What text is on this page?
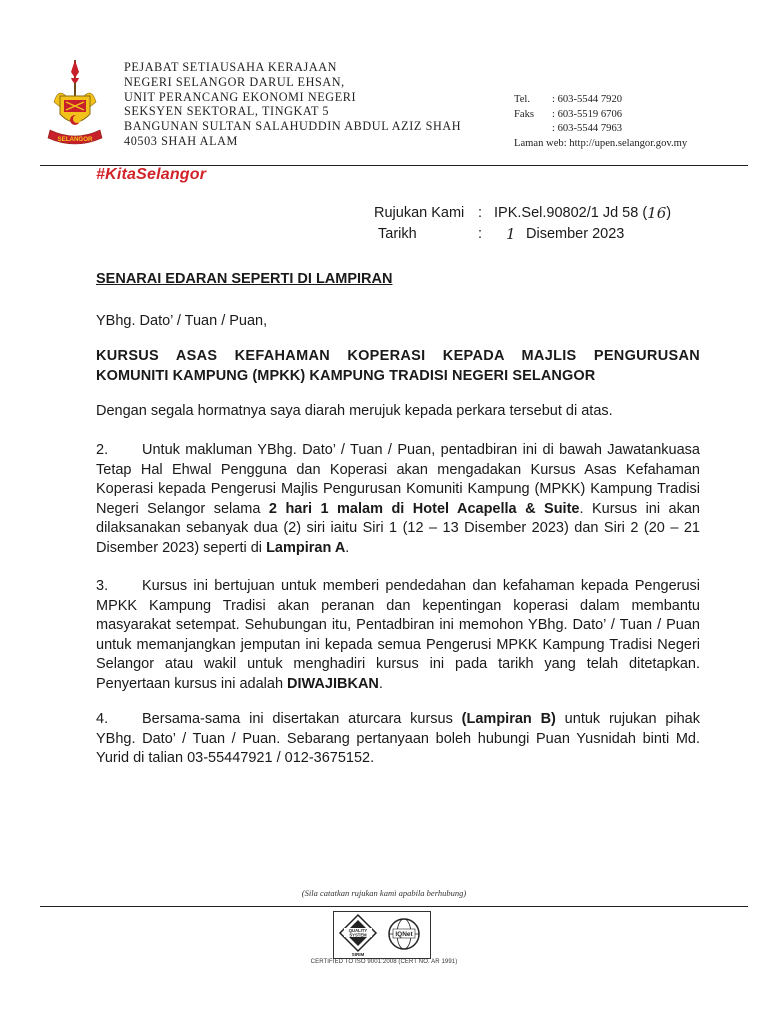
SELANGOR
PEJABAT SETIAUSAHA KERAJAAN
NEGERI SELANGOR DARUL EHSAN,
UNIT PERANCANG EKONOMI NEGERI
SEKSYEN SEKTORAL, TINGKAT 5
BANGUNAN SULTAN SALAHUDDIN ABDUL AZIZ SHAH
40503 SHAH ALAM
Tel.	: 603-5544 7920
Faks	: 603-5519 6706
: 603-5544 7963
Laman web: http://upen.selangor.gov.my
#KitaSelangor
Rujukan Kami : IPK.Sel.90802/1 Jd 58 ( 16 )
Tarikh	:	1 Disember 2023
SENARAI EDARAN SEPERTI DI LAMPIRAN
YBhg. Dato’ / Tuan / Puan,
KURSUS ASAS KEFAHAMAN KOPERASI KEPADA MAJLIS PENGURUSAN
KOMUNITI KAMPUNG (MPKK) KAMPUNG TRADISI NEGERI SELANGOR
Dengan segala hormatnya saya diarah merujuk kepada perkara tersebut di atas.
2. Untuk makluman YBhg. Dato’ / Tuan / Puan, pentadbiran ini di bawah Jawatankuasa Tetap Hal Ehwal Pengguna dan Koperasi akan mengadakan Kursus Asas Kefahaman Koperasi kepada Pengerusi Majlis Pengurusan Komuniti Kampung (MPKK) Kampung Tradisi Negeri Selangor selama 2 hari 1 malam di Hotel Acapella & Suite. Kursus ini akan dilaksanakan sebanyak dua (2) siri iaitu Siri 1 (12 – 13 Disember 2023) dan Siri 2 (20 – 21 Disember 2023) seperti di Lampiran A.
3. Kursus ini bertujuan untuk memberi pendedahan dan kefahaman kepada Pengerusi MPKK Kampung Tradisi akan peranan dan kepentingan koperasi dalam membantu masyarakat setempat. Sehubungan itu, Pentadbiran ini memohon YBhg. Dato’ / Tuan / Puan untuk memanjangkan jemputan ini kepada semua Pengerusi MPKK Kampung Tradisi Negeri Selangor atau wakil untuk menghadiri kursus ini pada tarikh yang telah ditetapkan. Penyertaan kursus ini adalah DIWAJIBKAN.
4. Bersama-sama ini disertakan aturcara kursus (Lampiran B) untuk rujukan pihak YBhg. Dato’ / Tuan / Puan. Sebarang pertanyaan boleh hubungi Puan Yusnidah binti Md. Yurid di talian 03-55447921 / 012-3675152.
(Sila catatkan rujukan kami apabila berhubung)
QUALITY
SYSTEM
SIRIM
IQNet
CERTIFIED TO ISO 9001:2008 (CERT NO. AR 1991)
